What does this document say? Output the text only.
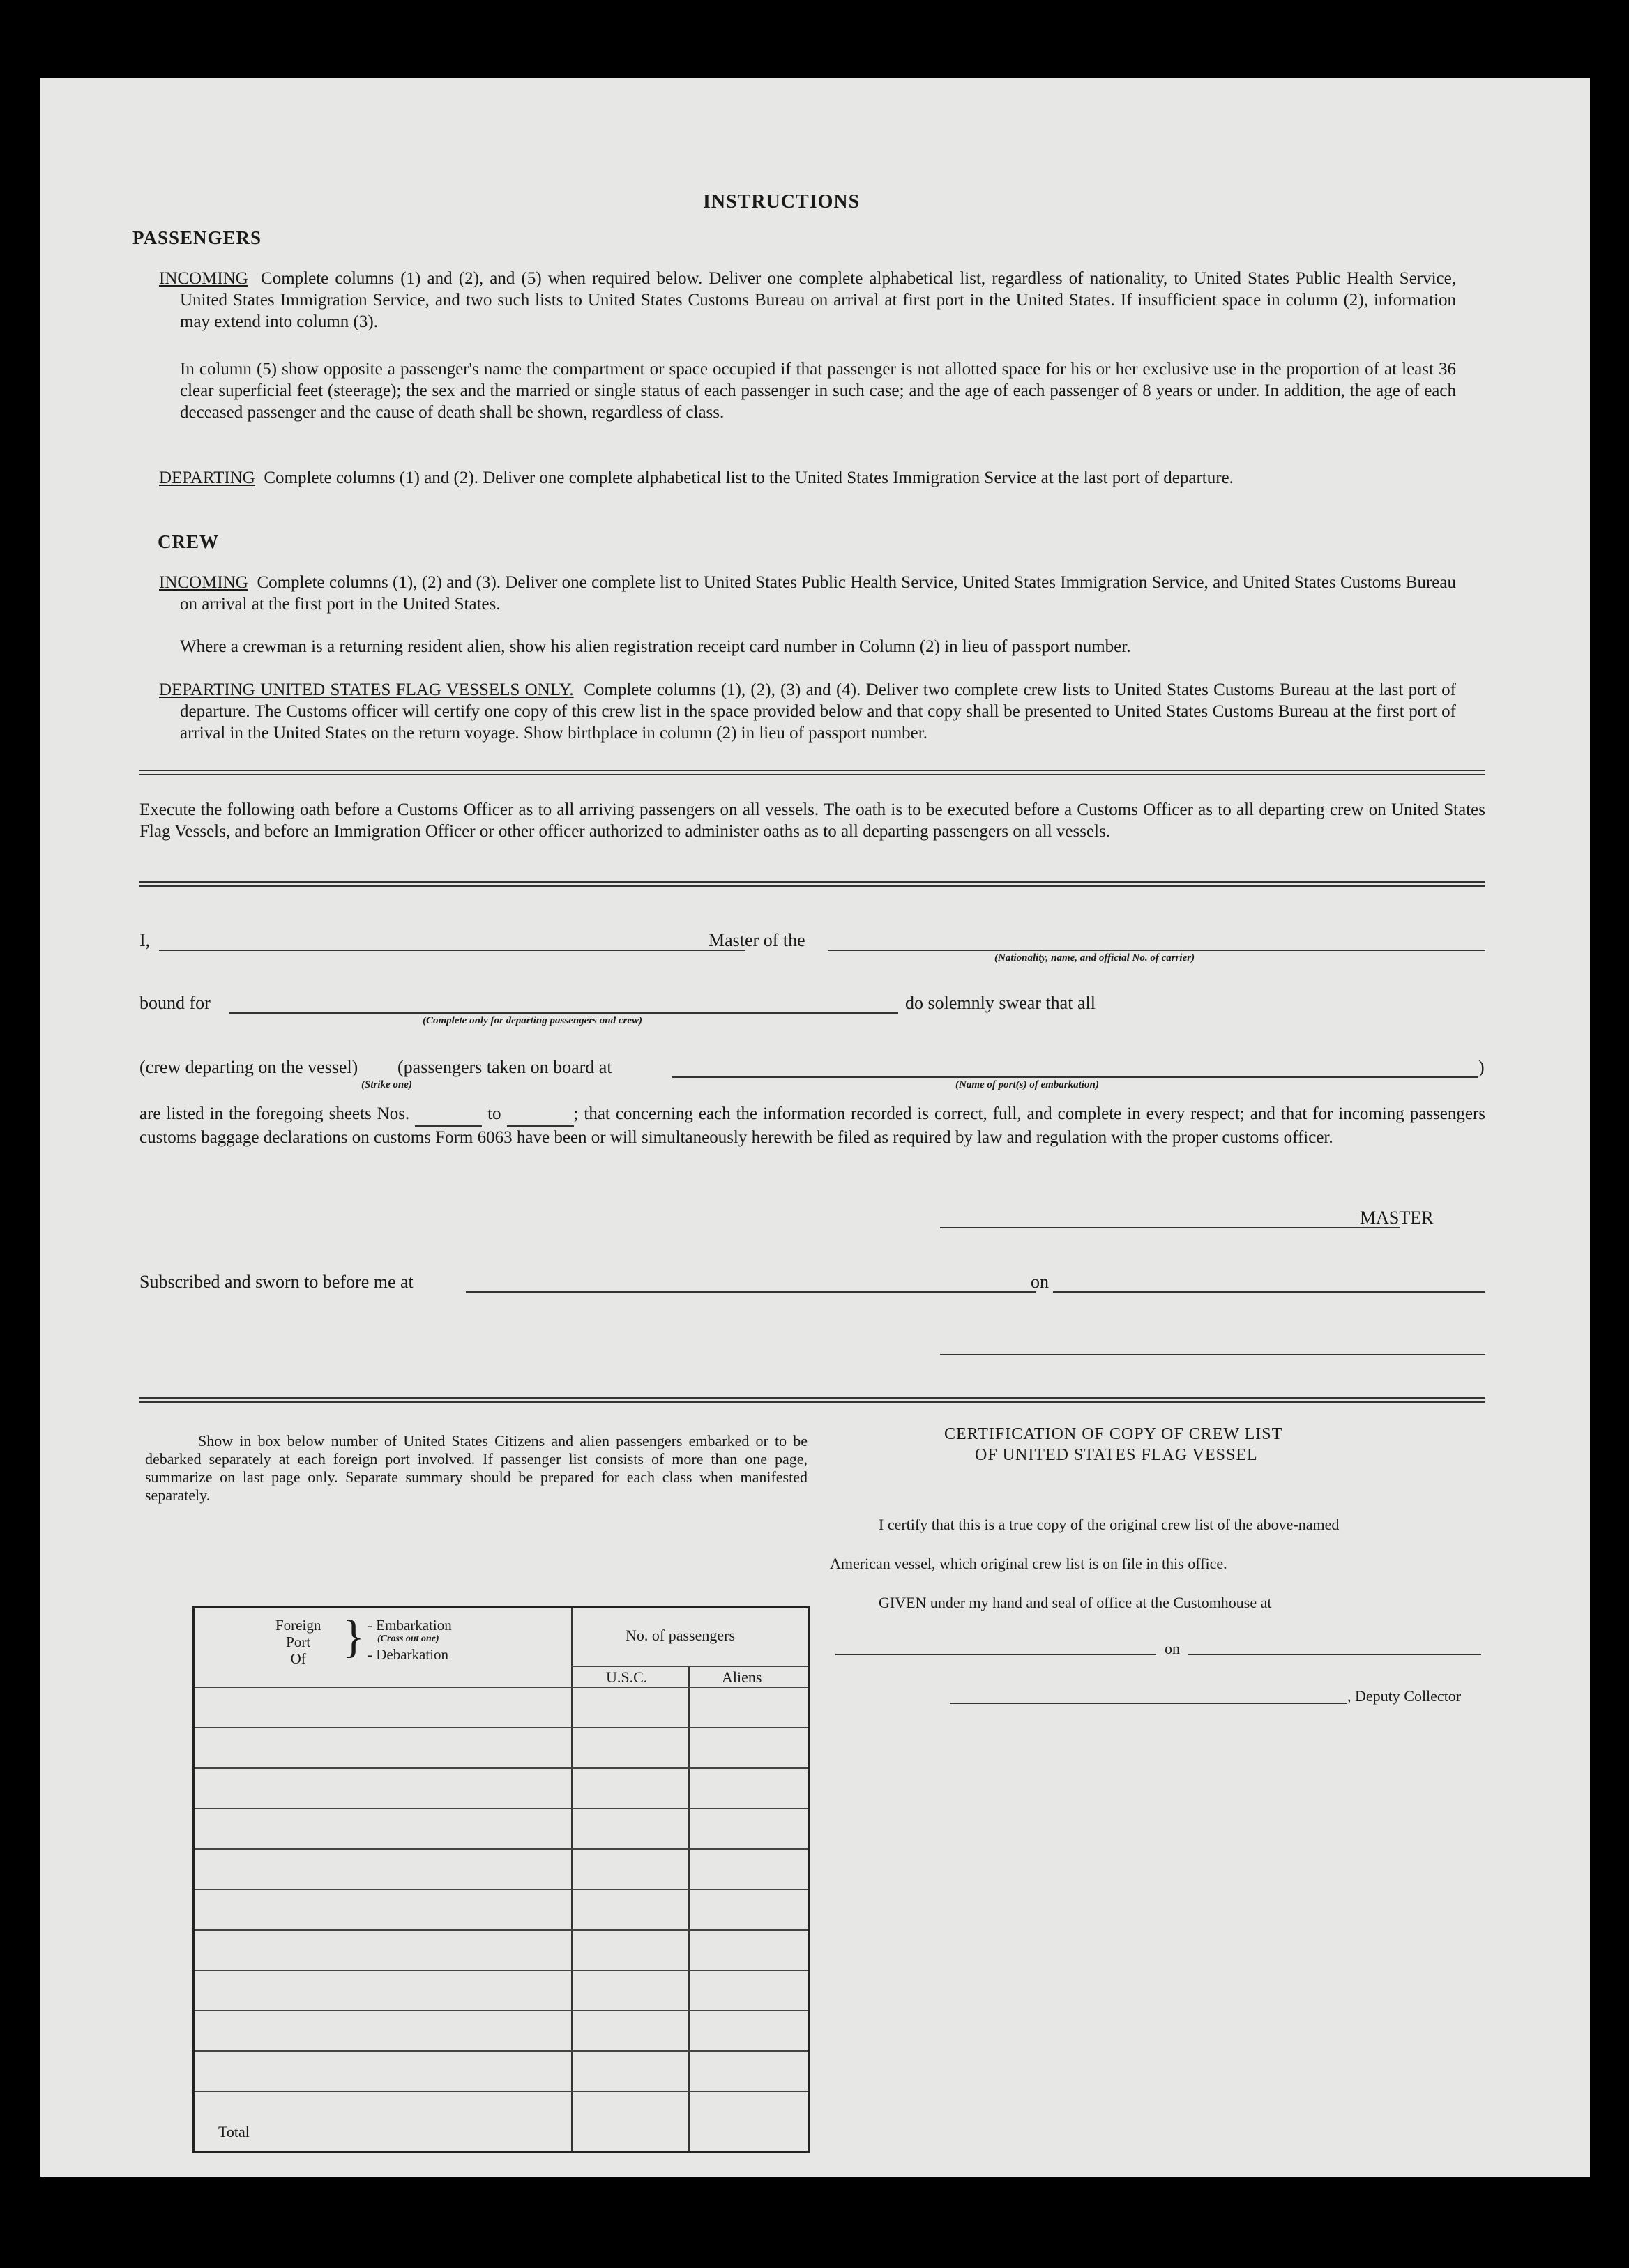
INSTRUCTIONS
PASSENGERS
INCOMING Complete columns (1) and (2), and (5) when required below. Deliver one complete alphabetical list, regardless of nationality, to United States Public Health Service, United States Immigration Service, and two such lists to United States Customs Bureau on arrival at first port in the United States. If insufficient space in column (2), information may extend into column (3).
In column (5) show opposite a passenger's name the compartment or space occupied if that passenger is not allotted space for his or her exclusive use in the proportion of at least 36 clear superficial feet (steerage); the sex and the married or single status of each passenger in such case; and the age of each passenger of 8 years or under. In addition, the age of each deceased passenger and the cause of death shall be shown, regardless of class.
DEPARTING Complete columns (1) and (2). Deliver one complete alphabetical list to the United States Immigration Service at the last port of departure.
CREW
INCOMING Complete columns (1), (2) and (3). Deliver one complete list to United States Public Health Service, United States Immigration Service, and United States Customs Bureau on arrival at the first port in the United States.
Where a crewman is a returning resident alien, show his alien registration receipt card number in Column (2) in lieu of passport number.
DEPARTING UNITED STATES FLAG VESSELS ONLY. Complete columns (1), (2), (3) and (4). Deliver two complete crew lists to United States Customs Bureau at the last port of departure. The Customs officer will certify one copy of this crew list in the space provided below and that copy shall be presented to United States Customs Bureau at the first port of arrival in the United States on the return voyage. Show birthplace in column (2) in lieu of passport number.
Execute the following oath before a Customs Officer as to all arriving passengers on all vessels. The oath is to be executed before a Customs Officer as to all departing crew on United States Flag Vessels, and before an Immigration Officer or other officer authorized to administer oaths as to all departing passengers on all vessels.
I,	Master of the
(Nationality, name, and official No. of carrier)
bound for	do solemnly swear that all
(Complete only for departing passengers and crew)
(crew departing on the vessel) (passengers taken on board at	)
(Strike one)	(Name of port(s) of embarkation)
are listed in the foregoing sheets Nos.	to	; that concerning each the information recorded is correct, full, and complete in every respect; and that for incoming passengers customs baggage declarations on customs Form 6063 have been or will simultaneously herewith be filed as required by law and regulation with the proper customs officer.
MASTER
Subscribed and sworn to before me at	on
Show in box below number of United States Citizens and alien passengers embarked or to be debarked separately at each foreign port involved. If passenger list consists of more than one page, summarize on last page only. Separate summary should be prepared for each class when manifested separately.
Foreign
Port
Of } - Embarkation
(Cross out one)
- Debarkation
No. of passengers
U.S.C.	Aliens
Total
CERTIFICATION OF COPY OF CREW LIST
OF UNITED STATES FLAG VESSEL
I certify that this is a true copy of the original crew list of the above-named
American vessel, which original crew list is on file in this office.
GIVEN under my hand and seal of office at the Customhouse at
on
, Deputy Collector
